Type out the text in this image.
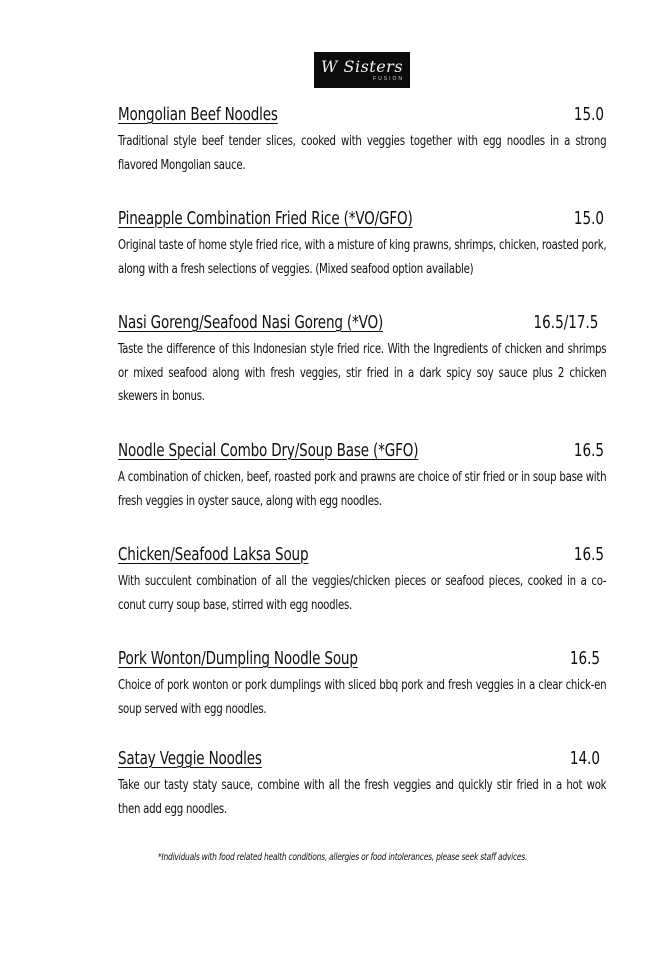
W Sisters
FUSION
Mongolian Beef Noodles	15.0
Traditional style beef tender slices, cooked with veggies together with egg noodles in a strong flavored Mongolian sauce.
Pineapple Combination Fried Rice (*VO/GFO)	15.0
Original taste of home style fried rice, with a misture of king prawns, shrimps, chicken, roasted pork, along with a fresh selections of veggies. (Mixed seafood option available)
Nasi Goreng/Seafood Nasi Goreng (*VO)	16.5/17.5
Taste the difference of this Indonesian style fried rice. With the Ingredients of chicken and shrimps or mixed seafood along with fresh veggies, stir fried in a dark spicy soy sauce plus 2 chicken skewers in bonus.
Noodle Special Combo Dry/Soup Base (*GFO)	16.5
A combination of chicken, beef, roasted pork and prawns are choice of stir fried or in soup base with fresh veggies in oyster sauce, along with egg noodles.
Chicken/Seafood Laksa Soup	16.5
With succulent combination of all the veggies/chicken pieces or seafood pieces, cooked in a co-conut curry soup base, stirred with egg noodles.
Pork Wonton/Dumpling Noodle Soup	16.5
Choice of pork wonton or pork dumplings with sliced bbq pork and fresh veggies in a clear chick-en soup served with egg noodles.
Satay Veggie Noodles	14.0
Take our tasty staty sauce, combine with all the fresh veggies and quickly stir fried in a hot wok then add egg noodles.
*Individuals with food related health conditions, allergies or food intolerances, please seek staff advices.
